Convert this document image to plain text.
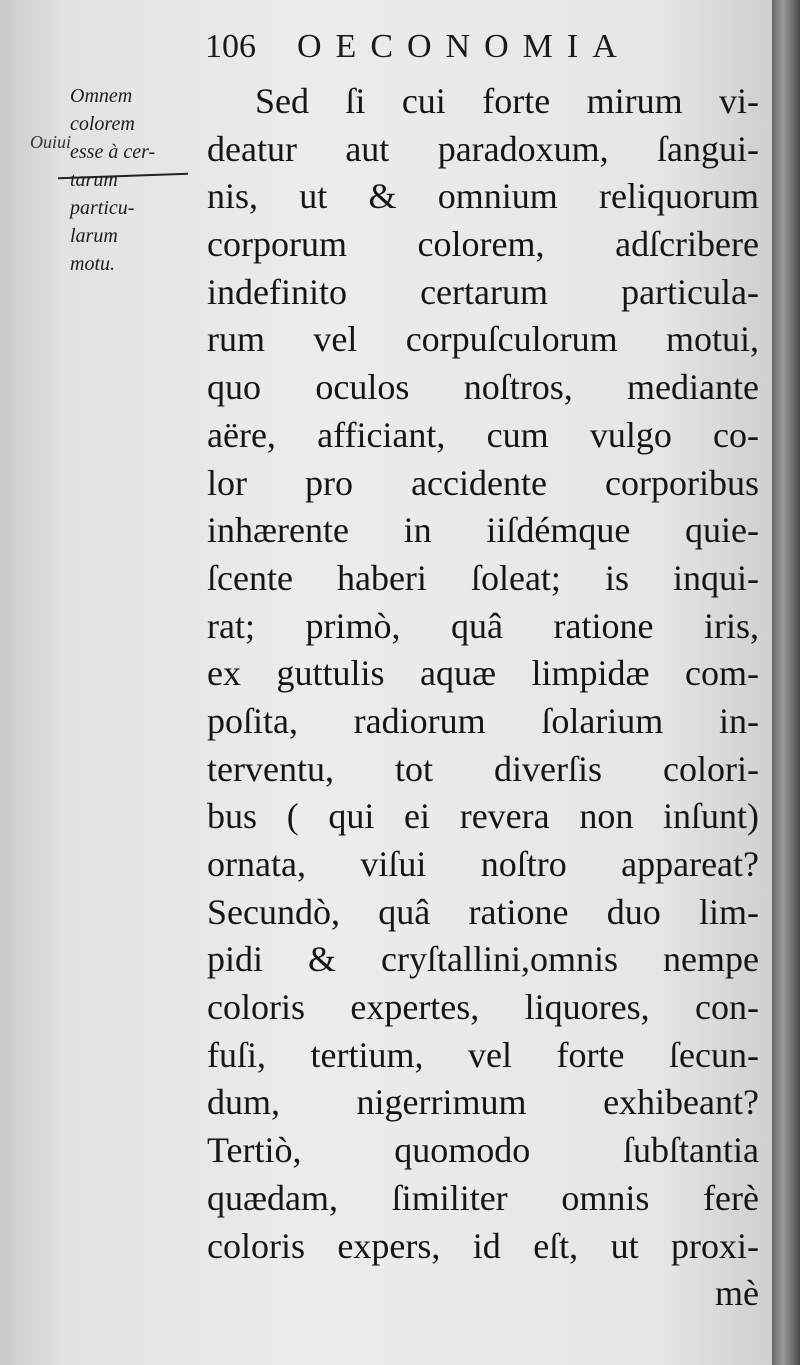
106 OECONOMIA
Ouiui
Omnem
colorem
esse à cer-
tarum
particu-
larum
motu.
Sed ſi cui forte mirum vi-
deatur aut paradoxum, ſangui-
nis, ut & omnium reliquorum
corporum colorem, adſcribere
indefinito certarum particula-
rum vel corpuſculorum motui,
quo oculos noſtros, mediante
aëre, afficiant, cum vulgo co-
lor pro accidente corporibus
inhærente in iiſdémque quie-
ſcente haberi ſoleat; is inqui-
rat; primò, quâ ratione iris,
ex guttulis aquæ limpidæ com-
poſita, radiorum ſolarium in-
terventu, tot diverſis colori-
bus ( qui ei revera non inſunt)
ornata, viſui noſtro appareat?
Secundò, quâ ratione duo lim-
pidi & cryſtallini,omnis nempe
coloris expertes, liquores, con-
fuſi, tertium, vel forte ſecun-
dum, nigerrimum exhibeant?
Tertiò, quomodo ſubſtantia
quædam, ſimiliter omnis ferè
coloris expers, id eſt, ut proxi-
mè
